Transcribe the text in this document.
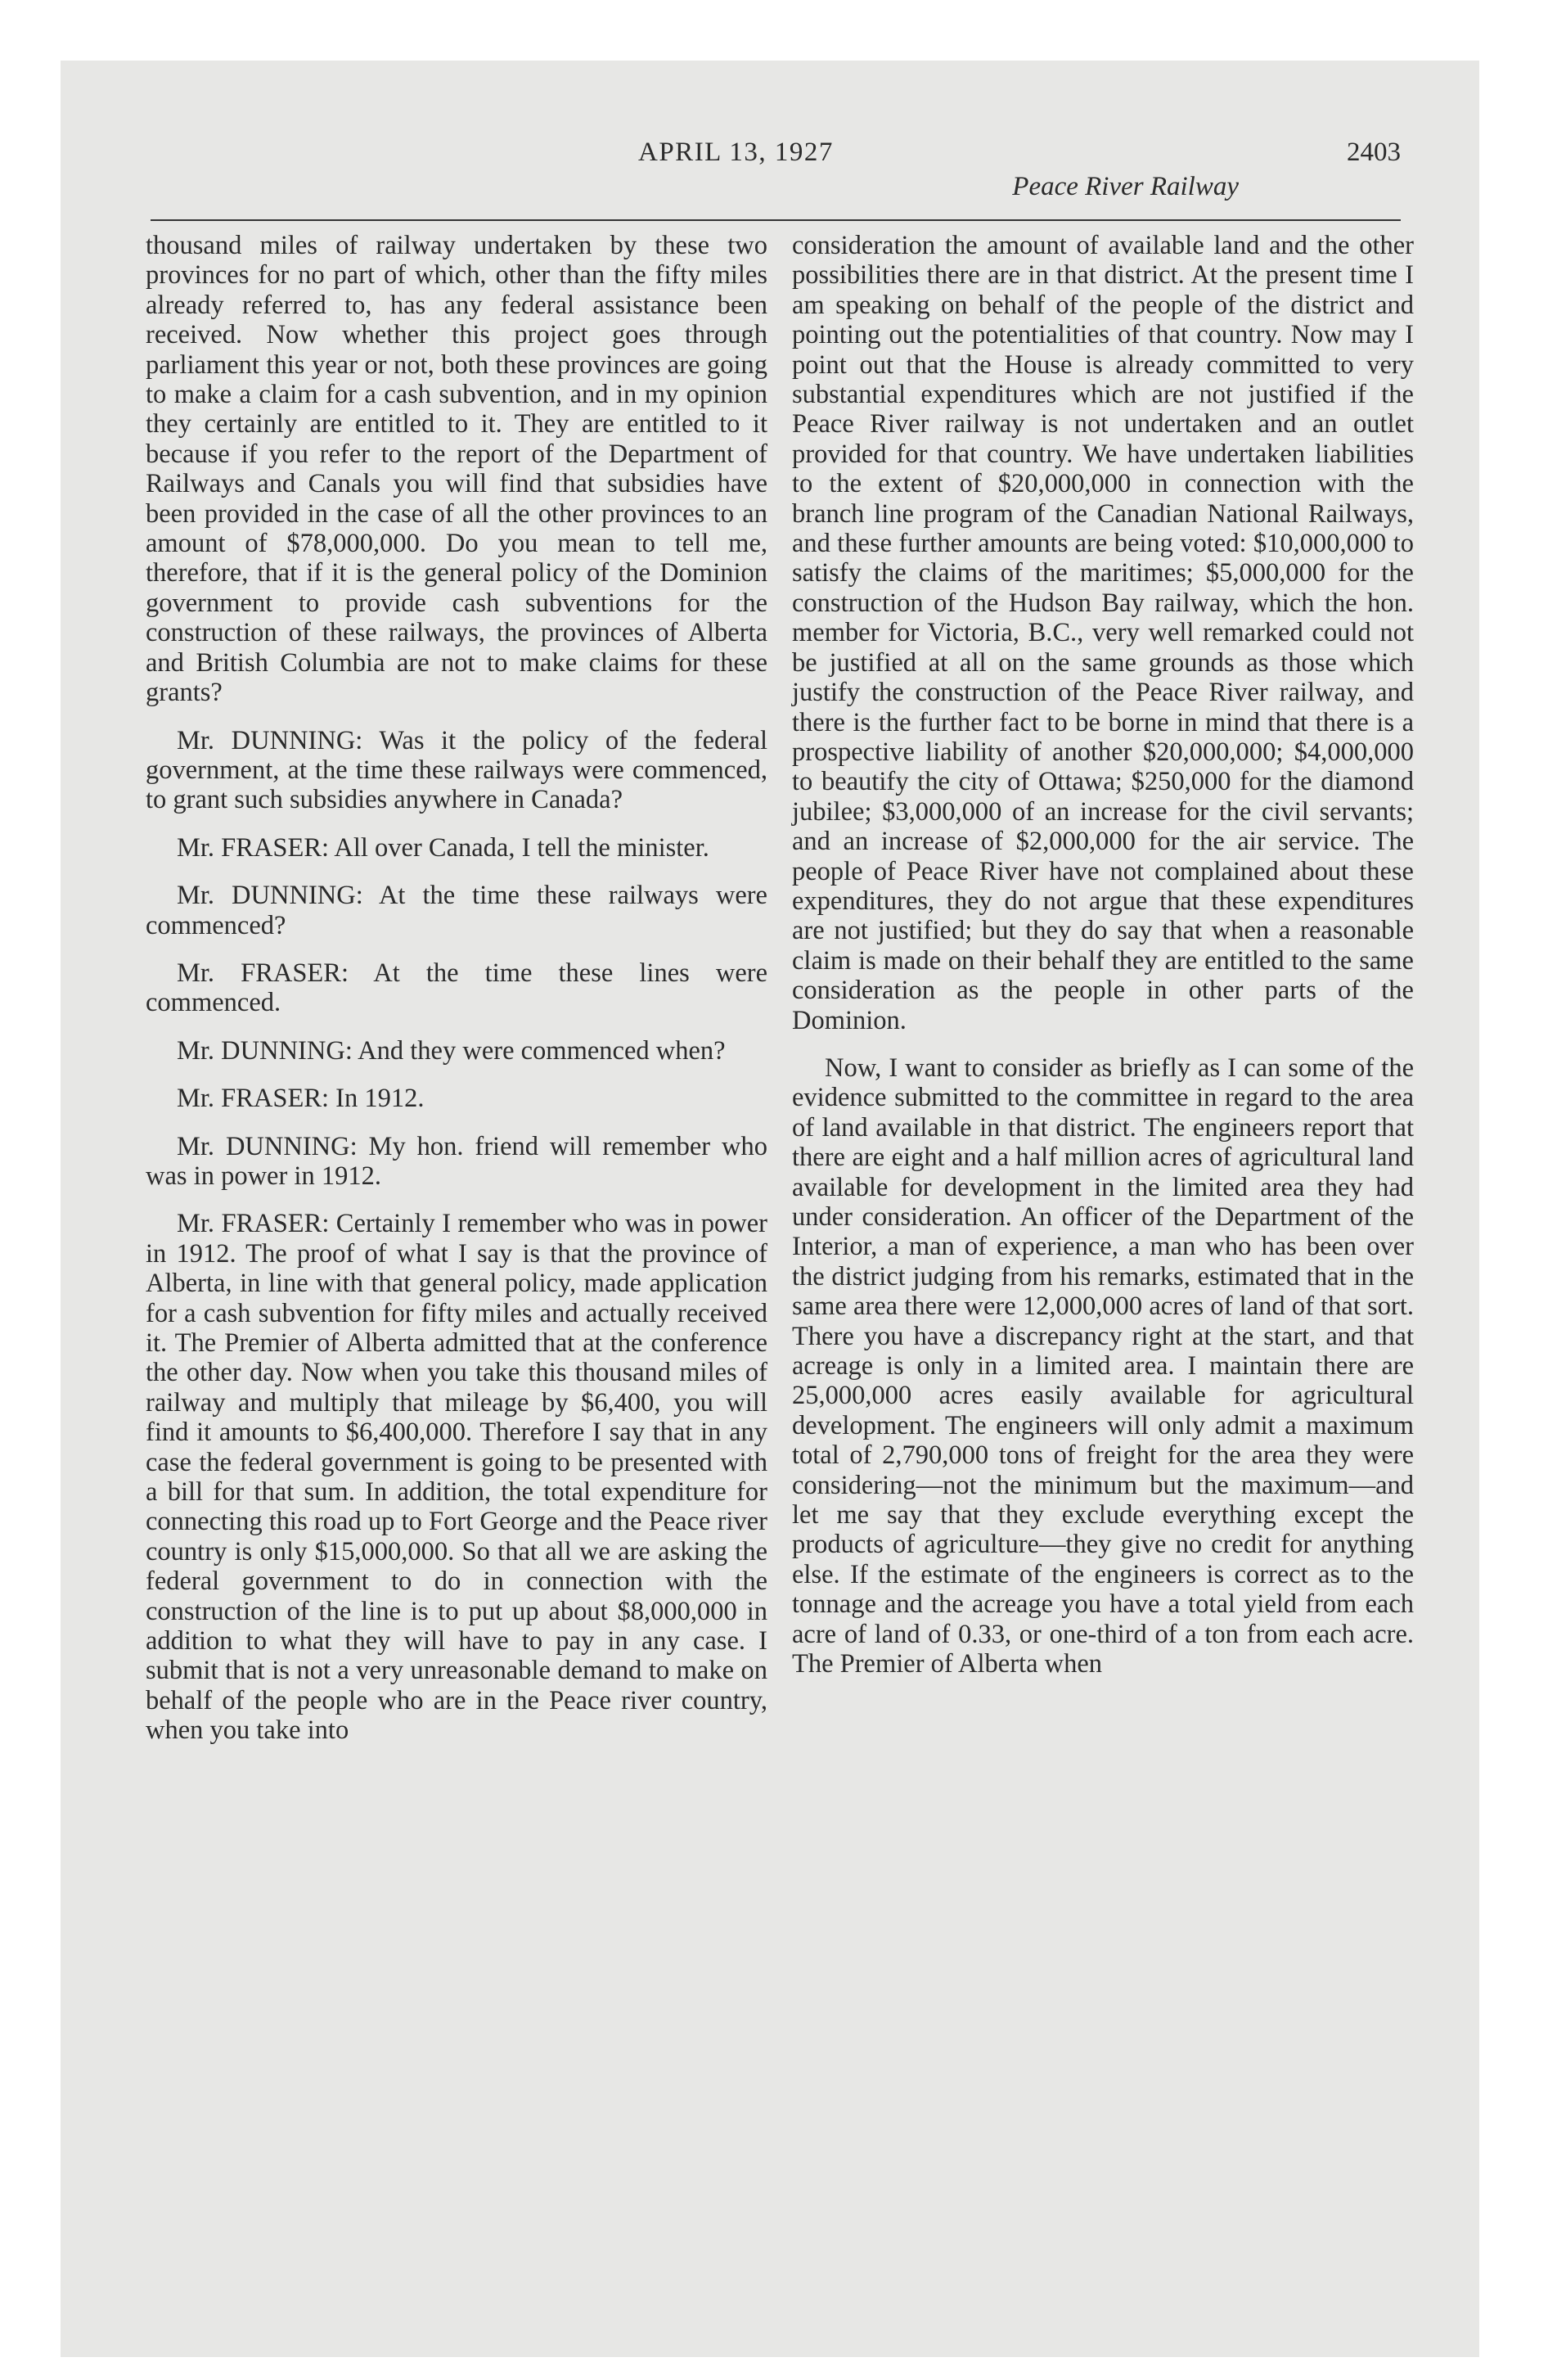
APRIL 13, 1927	2403
Peace River Railway

thousand miles of railway undertaken by these two provinces for no part of which, other than the fifty miles already referred to, has any federal assistance been received. Now whether this project goes through parliament this year or not, both these provinces are going to make a claim for a cash subvention, and in my opinion they certainly are entitled to it. They are entitled to it because if you refer to the report of the Department of Railways and Canals you will find that subsidies have been provided in the case of all the other provinces to an amount of $78,000,000. Do you mean to tell me, therefore, that if it is the general policy of the Dominion government to provide cash subventions for the construction of these railways, the provinces of Alberta and British Columbia are not to make claims for these grants?

Mr. DUNNING: Was it the policy of the federal government, at the time these railways were commenced, to grant such subsidies anywhere in Canada?

Mr. FRASER: All over Canada, I tell the minister.

Mr. DUNNING: At the time these railways were commenced?

Mr. FRASER: At the time these lines were commenced.

Mr. DUNNING: And they were commenced when?

Mr. FRASER: In 1912.

Mr. DUNNING: My hon. friend will remember who was in power in 1912.

Mr. FRASER: Certainly I remember who was in power in 1912. The proof of what I say is that the province of Alberta, in line with that general policy, made application for a cash subvention for fifty miles and actually received it. The Premier of Alberta admitted that at the conference the other day. Now when you take this thousand miles of railway and multiply that mileage by $6,400, you will find it amounts to $6,400,000. Therefore I say that in any case the federal government is going to be presented with a bill for that sum. In addition, the total expenditure for connecting this road up to Fort George and the Peace river country is only $15,000,000. So that all we are asking the federal government to do in connection with the construction of the line is to put up about $8,000,000 in addition to what they will have to pay in any case. I submit that is not a very unreasonable demand to make on behalf of the people who are in the Peace river country, when you take into

consideration the amount of available land and the other possibilities there are in that district. At the present time I am speaking on behalf of the people of the district and pointing out the potentialities of that country. Now may I point out that the House is already committed to very substantial expenditures which are not justified if the Peace River railway is not undertaken and an outlet provided for that country. We have undertaken liabilities to the extent of $20,000,000 in connection with the branch line program of the Canadian National Railways, and these further amounts are being voted: $10,000,000 to satisfy the claims of the maritimes; $5,000,000 for the construction of the Hudson Bay railway, which the hon. member for Victoria, B.C., very well remarked could not be justified at all on the same grounds as those which justify the construction of the Peace River railway, and there is the further fact to be borne in mind that there is a prospective liability of another $20,000,000; $4,000,000 to beautify the city of Ottawa; $250,000 for the diamond jubilee; $3,000,000 of an increase for the civil servants; and an increase of $2,000,000 for the air service. The people of Peace River have not complained about these expenditures, they do not argue that these expenditures are not justified; but they do say that when a reasonable claim is made on their behalf they are entitled to the same consideration as the people in other parts of the Dominion.

Now, I want to consider as briefly as I can some of the evidence submitted to the committee in regard to the area of land available in that district. The engineers report that there are eight and a half million acres of agricultural land available for development in the limited area they had under consideration. An officer of the Department of the Interior, a man of experience, a man who has been over the district judging from his remarks, estimated that in the same area there were 12,000,000 acres of land of that sort. There you have a discrepancy right at the start, and that acreage is only in a limited area. I maintain there are 25,000,000 acres easily available for agricultural development. The engineers will only admit a maximum total of 2,790,000 tons of freight for the area they were considering—not the minimum but the maximum—and let me say that they exclude everything except the products of agriculture—they give no credit for anything else. If the estimate of the engineers is correct as to the tonnage and the acreage you have a total yield from each acre of land of 0.33, or one-third of a ton from each acre. The Premier of Alberta when
